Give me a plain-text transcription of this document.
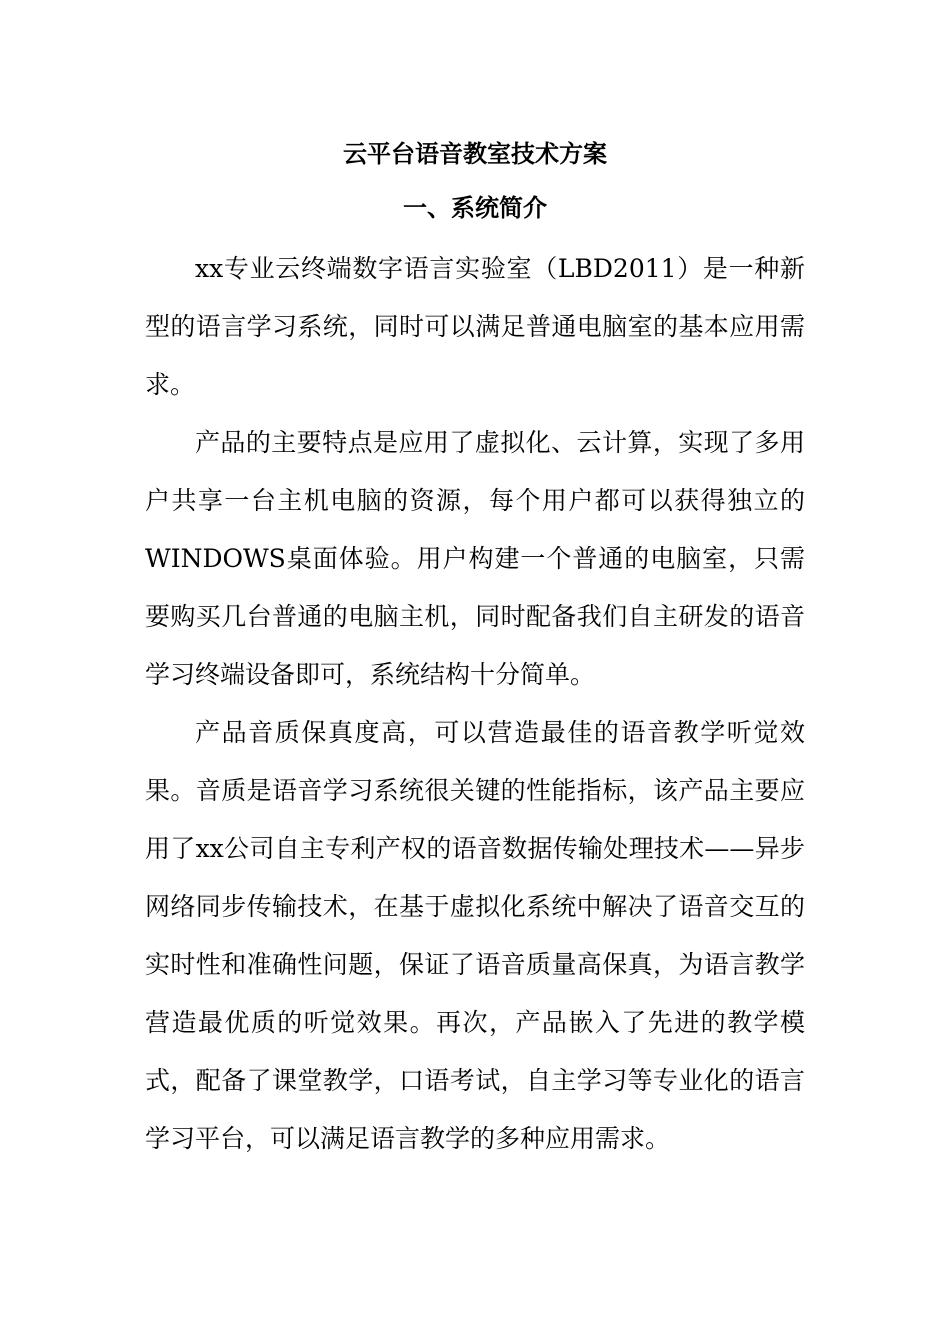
云平台语音教室技术方案
一、系统简介

xx专业云终端数字语言实验室（LBD2011）是一种新型的语言学习系统，同时可以满足普通电脑室的基本应用需求。

产品的主要特点是应用了虚拟化、云计算，实现了多用户共享一台主机电脑的资源，每个用户都可以获得独立的WINDOWS桌面体验。用户构建一个普通的电脑室，只需要购买几台普通的电脑主机，同时配备我们自主研发的语音学习终端设备即可，系统结构十分简单。

产品音质保真度高，可以营造最佳的语音教学听觉效果。音质是语音学习系统很关键的性能指标，该产品主要应用了xx公司自主专利产权的语音数据传输处理技术——异步网络同步传输技术，在基于虚拟化系统中解决了语音交互的实时性和准确性问题，保证了语音质量高保真，为语言教学营造最优质的听觉效果。再次，产品嵌入了先进的教学模式，配备了课堂教学，口语考试，自主学习等专业化的语言学习平台，可以满足语言教学的多种应用需求。
